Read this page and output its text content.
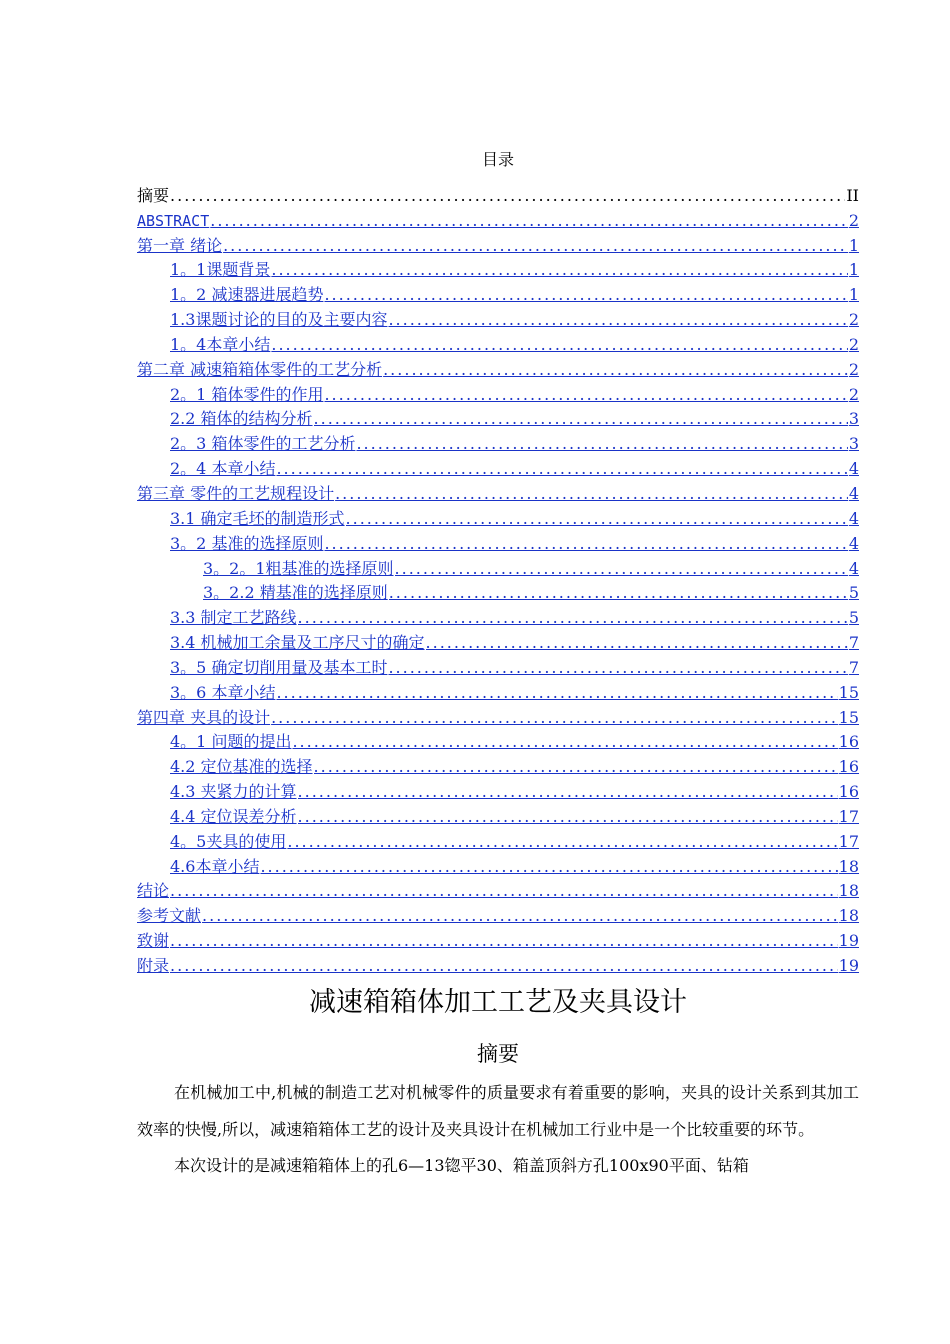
目录
摘要 .....	II
ABSTRACT .....	2
第一章 绪论 .....	1
1。1课题背景 .....	1
1。2 减速器进展趋势 .....	1
1.3课题讨论的目的及主要内容 .....	2
1。4本章小结 .....	2
第二章 减速箱箱体零件的工艺分析 .....	2
2。1 箱体零件的作用 .....	2
2.2 箱体的结构分析 .....	3
2。3 箱体零件的工艺分析 .....	3
2。4 本章小结 .....	4
第三章 零件的工艺规程设计 .....	4
3.1 确定毛坯的制造形式 .....	4
3。2 基准的选择原则 .....	4
3。2。1粗基准的选择原则 .....	4
3。2.2 精基准的选择原则 .....	5
3.3 制定工艺路线 .....	5
3.4 机械加工余量及工序尺寸的确定 .....	7
3。5 确定切削用量及基本工时 .....	7
3。6 本章小结 .....	15
第四章 夹具的设计 .....	15
4。1 问题的提出 .....	16
4.2 定位基准的选择 .....	16
4.3 夹紧力的计算 .....	16
4.4 定位误差分析 .....	17
4。5夹具的使用 .....	17
4.6本章小结 .....	18
结论 .....	18
参考文献 .....	18
致谢 .....	19
附录 .....	19
减速箱箱体加工工艺及夹具设计
摘要

在机械加工中,机械的制造工艺对机械零件的质量要求有着重要的影响，夹具的设计关系到其加工效率的快慢,所以，减速箱箱体工艺的设计及夹具设计在机械加工行业中是一个比较重要的环节。

本次设计的是减速箱箱体上的孔6—13锪平30、箱盖顶斜方孔100x90平面、钻箱
